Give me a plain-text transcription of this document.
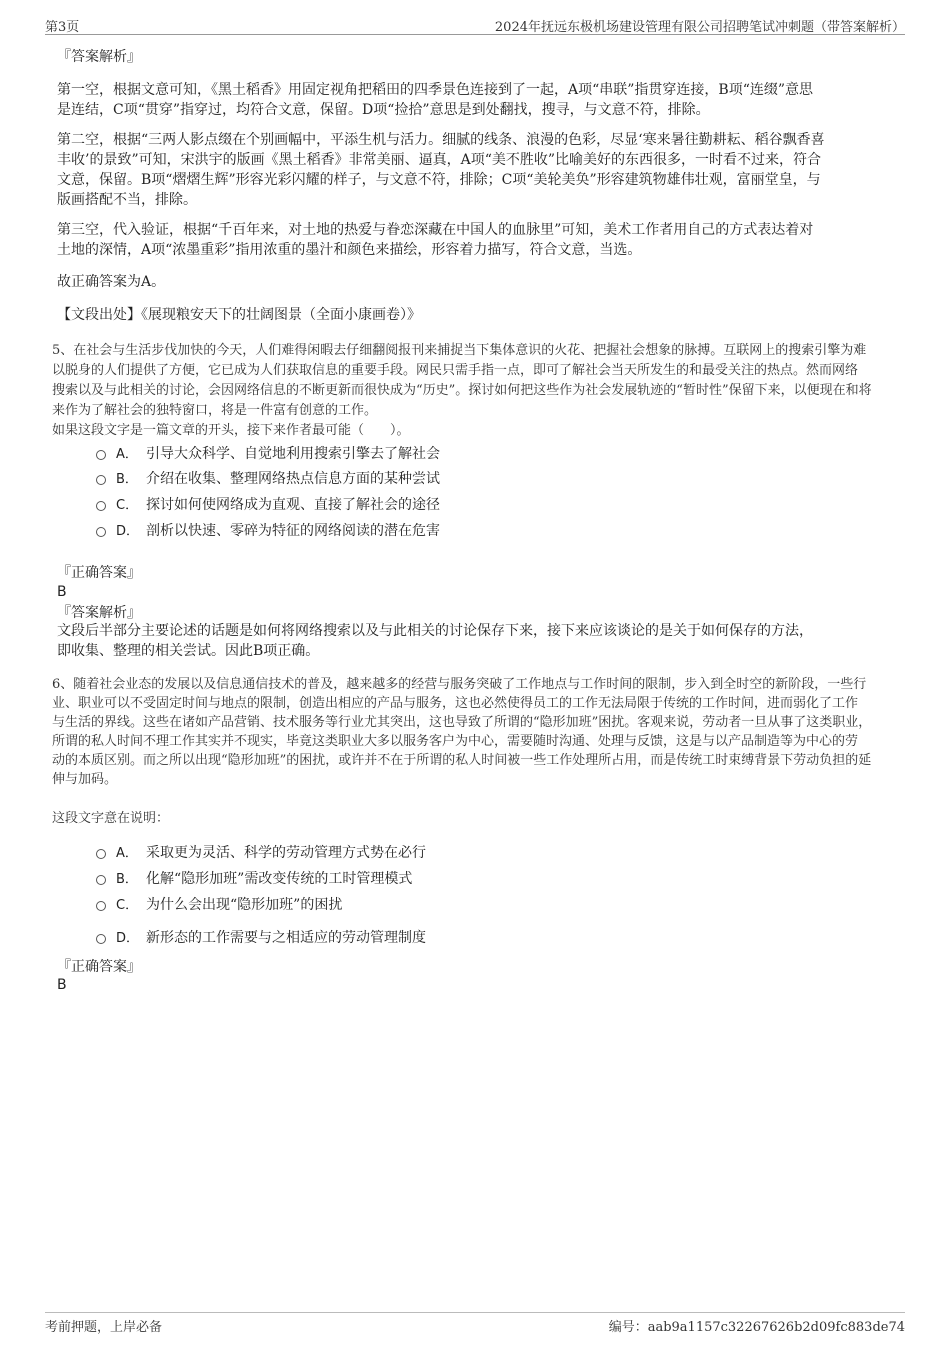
第3页	2024年抚远东极机场建设管理有限公司招聘笔试冲刺题（带答案解析）
『答案解析』
第一空，根据文意可知，《黑土稻香》用固定视角把稻田的四季景色连接到了一起，A项“串联”指贯穿连接，B项“连缀”意思
是连结，C项“贯穿”指穿过，均符合文意，保留。D项“捡拾”意思是到处翻找，搜寻，与文意不符，排除。
第二空，根据“三两人影点缀在个别画幅中，平添生机与活力。细腻的线条、浪漫的色彩，尽显‘寒来暑往勤耕耘、稻谷飘香喜
丰收’的景致”可知，宋洪宇的版画《黑土稻香》非常美丽、逼真，A项“美不胜收”比喻美好的东西很多，一时看不过来，符合
文意，保留。B项“熠熠生辉”形容光彩闪耀的样子，与文意不符，排除；C项“美轮美奂”形容建筑物雄伟壮观，富丽堂皇，与
版画搭配不当，排除。
第三空，代入验证，根据“千百年来，对土地的热爱与眷恋深藏在中国人的血脉里”可知，美术工作者用自己的方式表达着对
土地的深情，A项“浓墨重彩”指用浓重的墨汁和颜色来描绘，形容着力描写，符合文意，当选。
故正确答案为A。
【文段出处】《展现粮安天下的壮阔图景（全面小康画卷）》
5、在社会与生活步伐加快的今天，人们难得闲暇去仔细翻阅报刊来捕捉当下集体意识的火花、把握社会想象的脉搏。互联网上的搜索引擎为难
以脱身的人们提供了方便，它已成为人们获取信息的重要手段。网民只需手指一点，即可了解社会当天所发生的和最受关注的热点。然而网络
搜索以及与此相关的讨论，会因网络信息的不断更新而很快成为“历史”。探讨如何把这些作为社会发展轨迹的“暂时性”保留下来，以便现在和将
来作为了解社会的独特窗口，将是一件富有创意的工作。
如果这段文字是一篇文章的开头，接下来作者最可能（　　）。
A． 引导大众科学、自觉地利用搜索引擎去了解社会
B． 介绍在收集、整理网络热点信息方面的某种尝试
C． 探讨如何使网络成为直观、直接了解社会的途径
D． 剖析以快速、零碎为特征的网络阅读的潜在危害
『正确答案』
B
『答案解析』
文段后半部分主要论述的话题是如何将网络搜索以及与此相关的讨论保存下来，接下来应该谈论的是关于如何保存的方法，
即收集、整理的相关尝试。因此B项正确。
6、随着社会业态的发展以及信息通信技术的普及，越来越多的经营与服务突破了工作地点与工作时间的限制，步入到全时空的新阶段，一些行
业、职业可以不受固定时间与地点的限制，创造出相应的产品与服务，这也必然使得员工的工作无法局限于传统的工作时间，进而弱化了工作
与生活的界线。这些在诸如产品营销、技术服务等行业尤其突出，这也导致了所谓的“隐形加班”困扰。客观来说，劳动者一旦从事了这类职业，
所谓的私人时间不理工作其实并不现实，毕竟这类职业大多以服务客户为中心，需要随时沟通、处理与反馈，这是与以产品制造等为中心的劳
动的本质区别。而之所以出现“隐形加班”的困扰，或许并不在于所谓的私人时间被一些工作处理所占用，而是传统工时束缚背景下劳动负担的延
伸与加码。
这段文字意在说明：
A． 采取更为灵活、科学的劳动管理方式势在必行
B． 化解“隐形加班”需改变传统的工时管理模式
C． 为什么会出现“隐形加班”的困扰
D． 新形态的工作需要与之相适应的劳动管理制度
『正确答案』
B
考前押题，上岸必备	编号：aab9a1157c32267626b2d09fc883de74
